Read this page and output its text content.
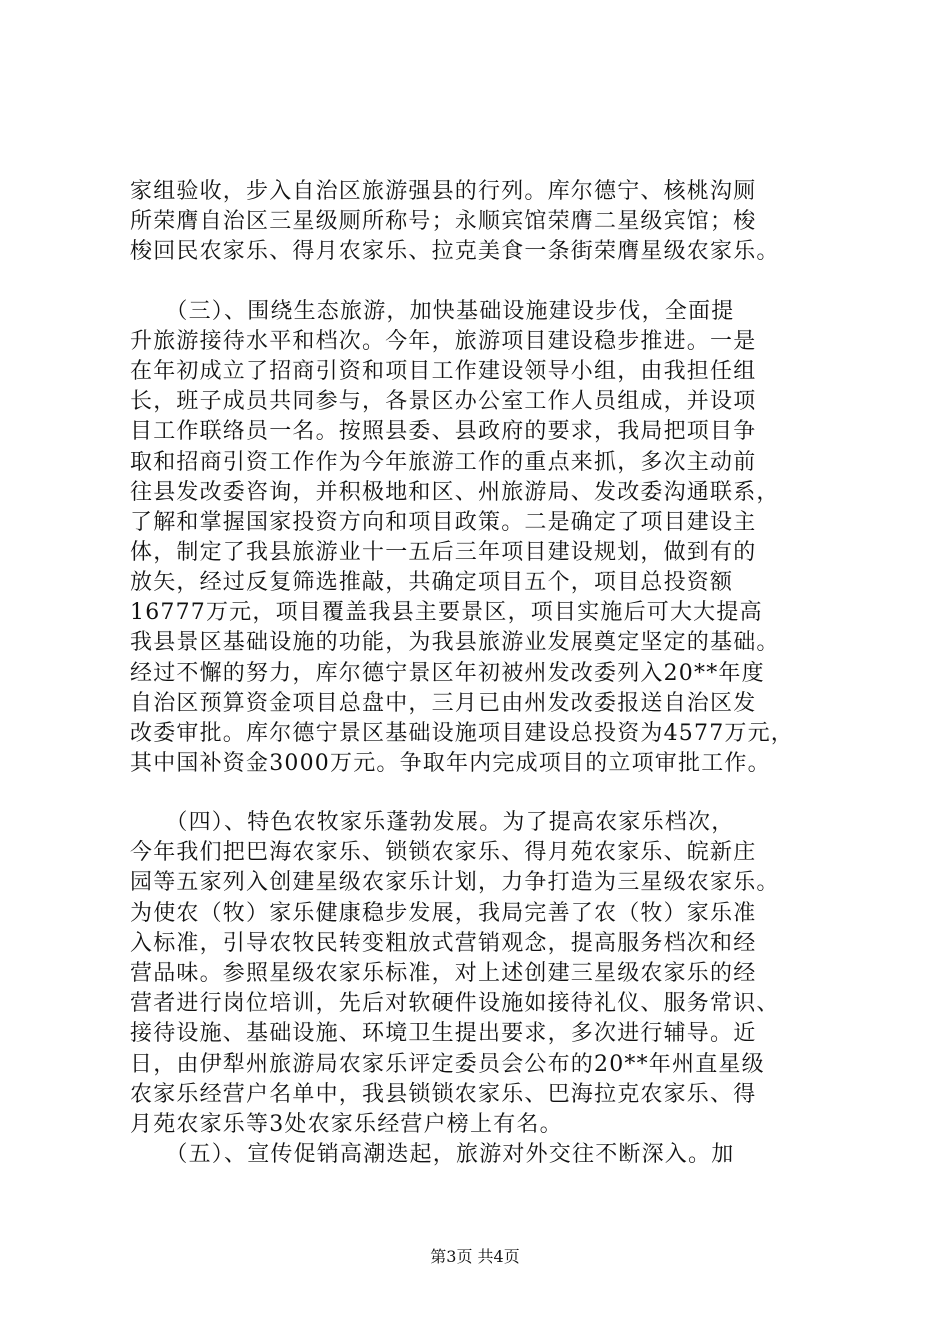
家组验收，步入自治区旅游强县的行列。库尔德宁、核桃沟厕
所荣膺自治区三星级厕所称号；永顺宾馆荣膺二星级宾馆；梭
梭回民农家乐、得月农家乐、拉克美食一条街荣膺星级农家乐。
　　（三）、围绕生态旅游，加快基础设施建设步伐，全面提
升旅游接待水平和档次。今年，旅游项目建设稳步推进。一是
在年初成立了招商引资和项目工作建设领导小组，由我担任组
长，班子成员共同参与，各景区办公室工作人员组成，并设项
目工作联络员一名。按照县委、县政府的要求，我局把项目争
取和招商引资工作作为今年旅游工作的重点来抓，多次主动前
往县发改委咨询，并积极地和区、州旅游局、发改委沟通联系，
了解和掌握国家投资方向和项目政策。二是确定了项目建设主
体，制定了我县旅游业十一五后三年项目建设规划，做到有的
放矢，经过反复筛选推敲，共确定项目五个，项目总投资额
16777万元，项目覆盖我县主要景区，项目实施后可大大提高
我县景区基础设施的功能，为我县旅游业发展奠定坚定的基础。
经过不懈的努力，库尔德宁景区年初被州发改委列入20**年度
自治区预算资金项目总盘中，三月已由州发改委报送自治区发
改委审批。库尔德宁景区基础设施项目建设总投资为4577万元，
其中国补资金3000万元。争取年内完成项目的立项审批工作。
　　（四）、特色农牧家乐蓬勃发展。为了提高农家乐档次，
今年我们把巴海农家乐、锁锁农家乐、得月苑农家乐、皖新庄
园等五家列入创建星级农家乐计划，力争打造为三星级农家乐。
为使农（牧）家乐健康稳步发展，我局完善了农（牧）家乐准
入标准，引导农牧民转变粗放式营销观念，提高服务档次和经
营品味。参照星级农家乐标准，对上述创建三星级农家乐的经
营者进行岗位培训，先后对软硬件设施如接待礼仪、服务常识、
接待设施、基础设施、环境卫生提出要求，多次进行辅导。近
日，由伊犁州旅游局农家乐评定委员会公布的20**年州直星级
农家乐经营户名单中，我县锁锁农家乐、巴海拉克农家乐、得
月苑农家乐等3处农家乐经营户榜上有名。
　　（五）、宣传促销高潮迭起，旅游对外交往不断深入。加
第3页 共4页
